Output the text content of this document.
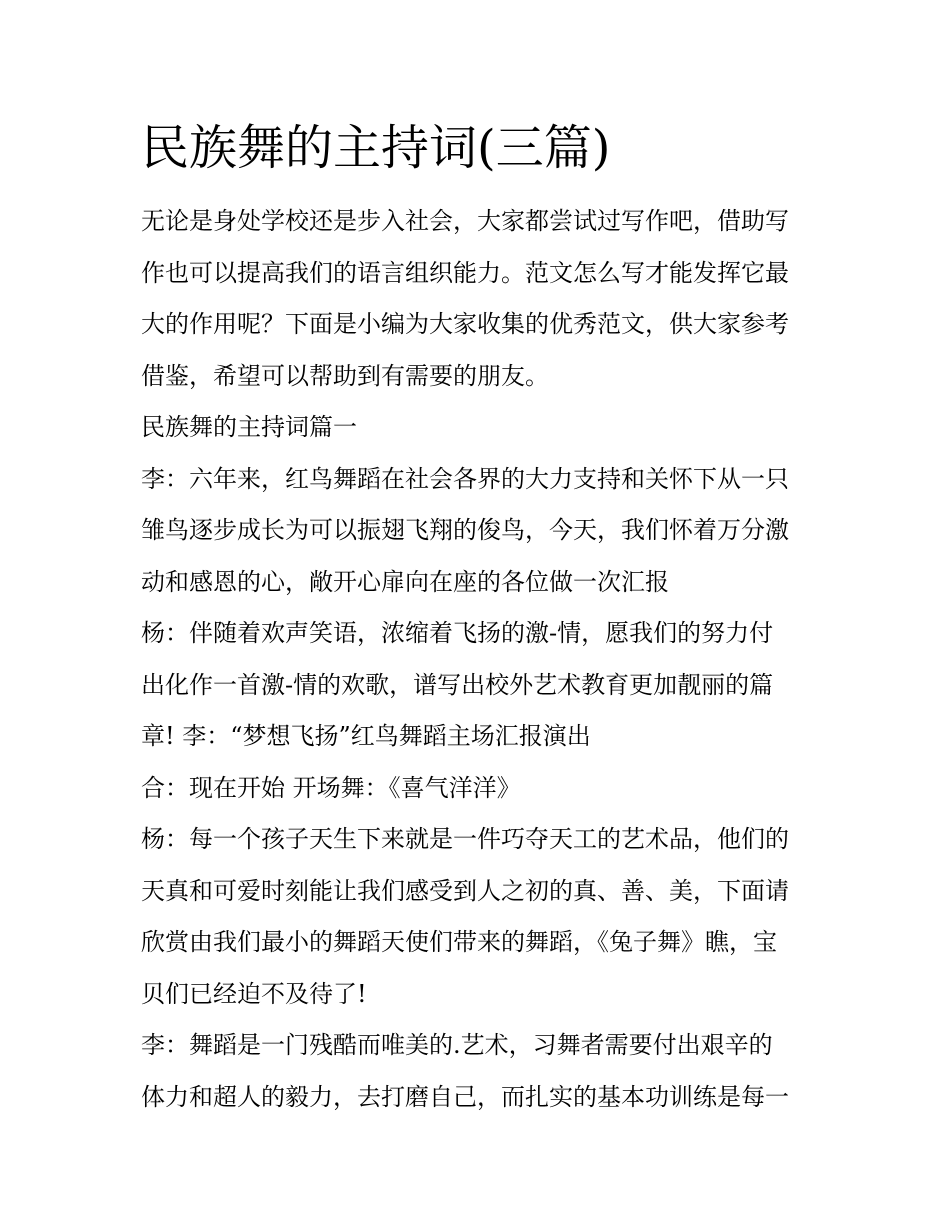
民族舞的主持词(三篇)
无论是身处学校还是步入社会，大家都尝试过写作吧，借助写
作也可以提高我们的语言组织能力。范文怎么写才能发挥它最
大的作用呢？下面是小编为大家收集的优秀范文，供大家参考
借鉴，希望可以帮助到有需要的朋友。
民族舞的主持词篇一
李：六年来，红鸟舞蹈在社会各界的大力支持和关怀下从一只
雏鸟逐步成长为可以振翅飞翔的俊鸟，今天，我们怀着万分激
动和感恩的心，敞开心扉向在座的各位做一次汇报
杨：伴随着欢声笑语，浓缩着飞扬的激-情，愿我们的努力付
出化作一首激-情的欢歌，谱写出校外艺术教育更加靓丽的篇
章! 李：“梦想飞扬”红鸟舞蹈主场汇报演出
合：现在开始 开场舞：《喜气洋洋》
杨：每一个孩子天生下来就是一件巧夺天工的艺术品，他们的
天真和可爱时刻能让我们感受到人之初的真、善、美，下面请
欣赏由我们最小的舞蹈天使们带来的舞蹈，《兔子舞》瞧，宝
贝们已经迫不及待了!
李：舞蹈是一门残酷而唯美的.艺术，习舞者需要付出艰辛的
体力和超人的毅力，去打磨自己，而扎实的基本功训练是每一
